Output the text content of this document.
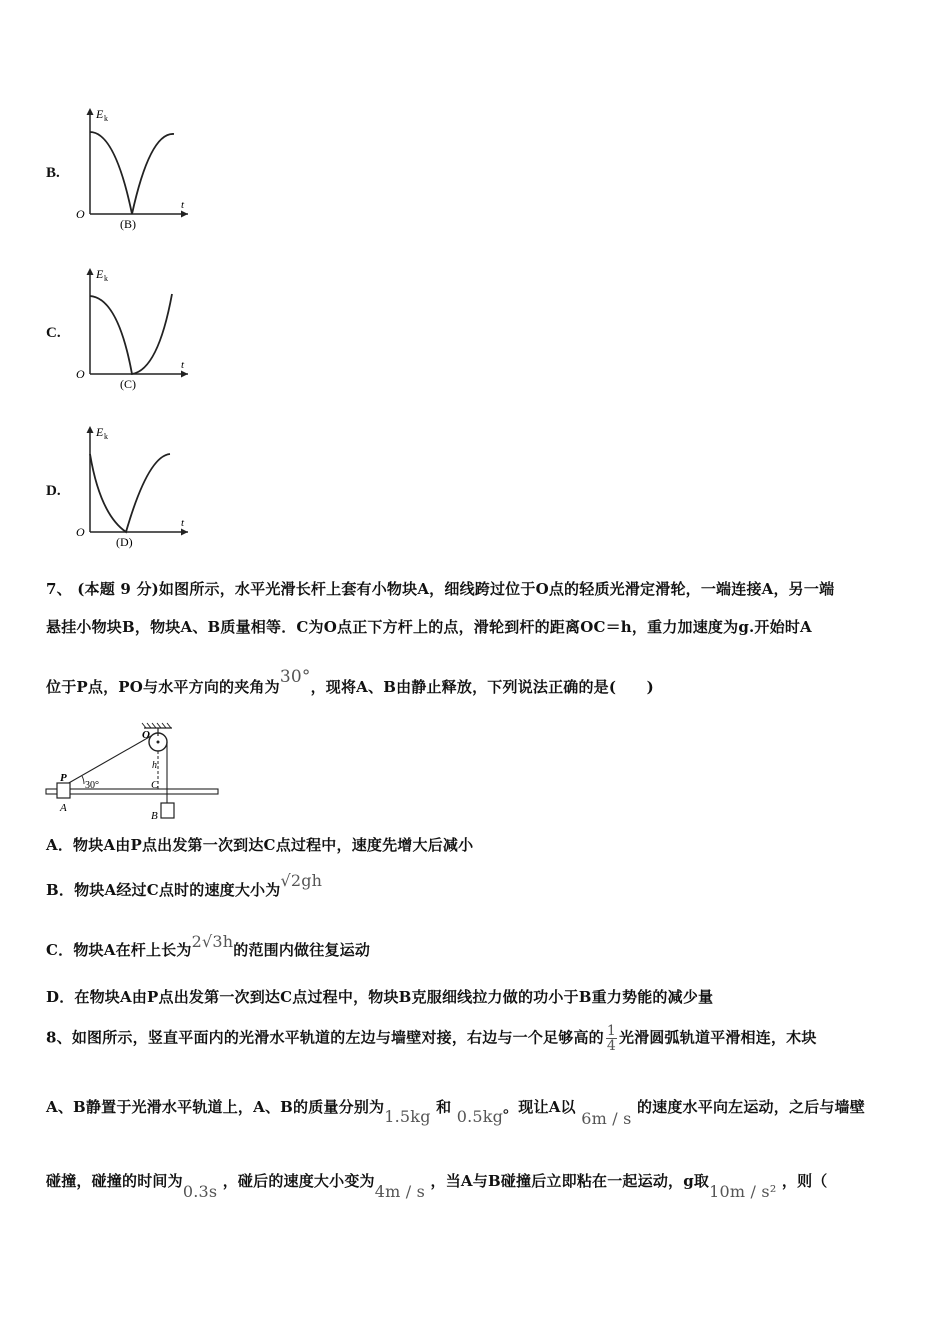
B.
E k
t
O
(B)
C.
E k
t
O
(C)
D.
E k
t
O
(D)
7、 (本题 9 分)如图所示，水平光滑长杆上套有小物块A，细线跨过位于O点的轻质光滑定滑轮，一端连接A，另一端
悬挂小物块B，物块A、B质量相等．C为O点正下方杆上的点，滑轮到杆的距离OC＝h，重力加速度为g.开始时A
位于P点，PO与水平方向的夹角为30°，现将A、B由静止释放，下列说法正确的是(　　)
O
P
A
B
C
h
30°
A．物块A由P点出发第一次到达C点过程中，速度先增大后减小
B．物块A经过C点时的速度大小为√2gh
C．物块A在杆上长为2√3h的范围内做往复运动
D．在物块A由P点出发第一次到达C点过程中，物块B克服细线拉力做的功小于B重力势能的减少量
8、如图所示，竖直平面内的光滑水平轨道的左边与墙壁对接，右边与一个足够高的 $\frac{1}{4}$ 光滑圆弧轨道平滑相连，木块
A、B静置于光滑水平轨道上，A、B的质量分别为1.5kg 和 0.5kg。现让A以 6m / s 的速度水平向左运动，之后与墙壁
碰撞，碰撞的时间为0.3s ，碰后的速度大小变为4m / s ，当A与B碰撞后立即粘在一起运动，g取10m / s² ，则（
